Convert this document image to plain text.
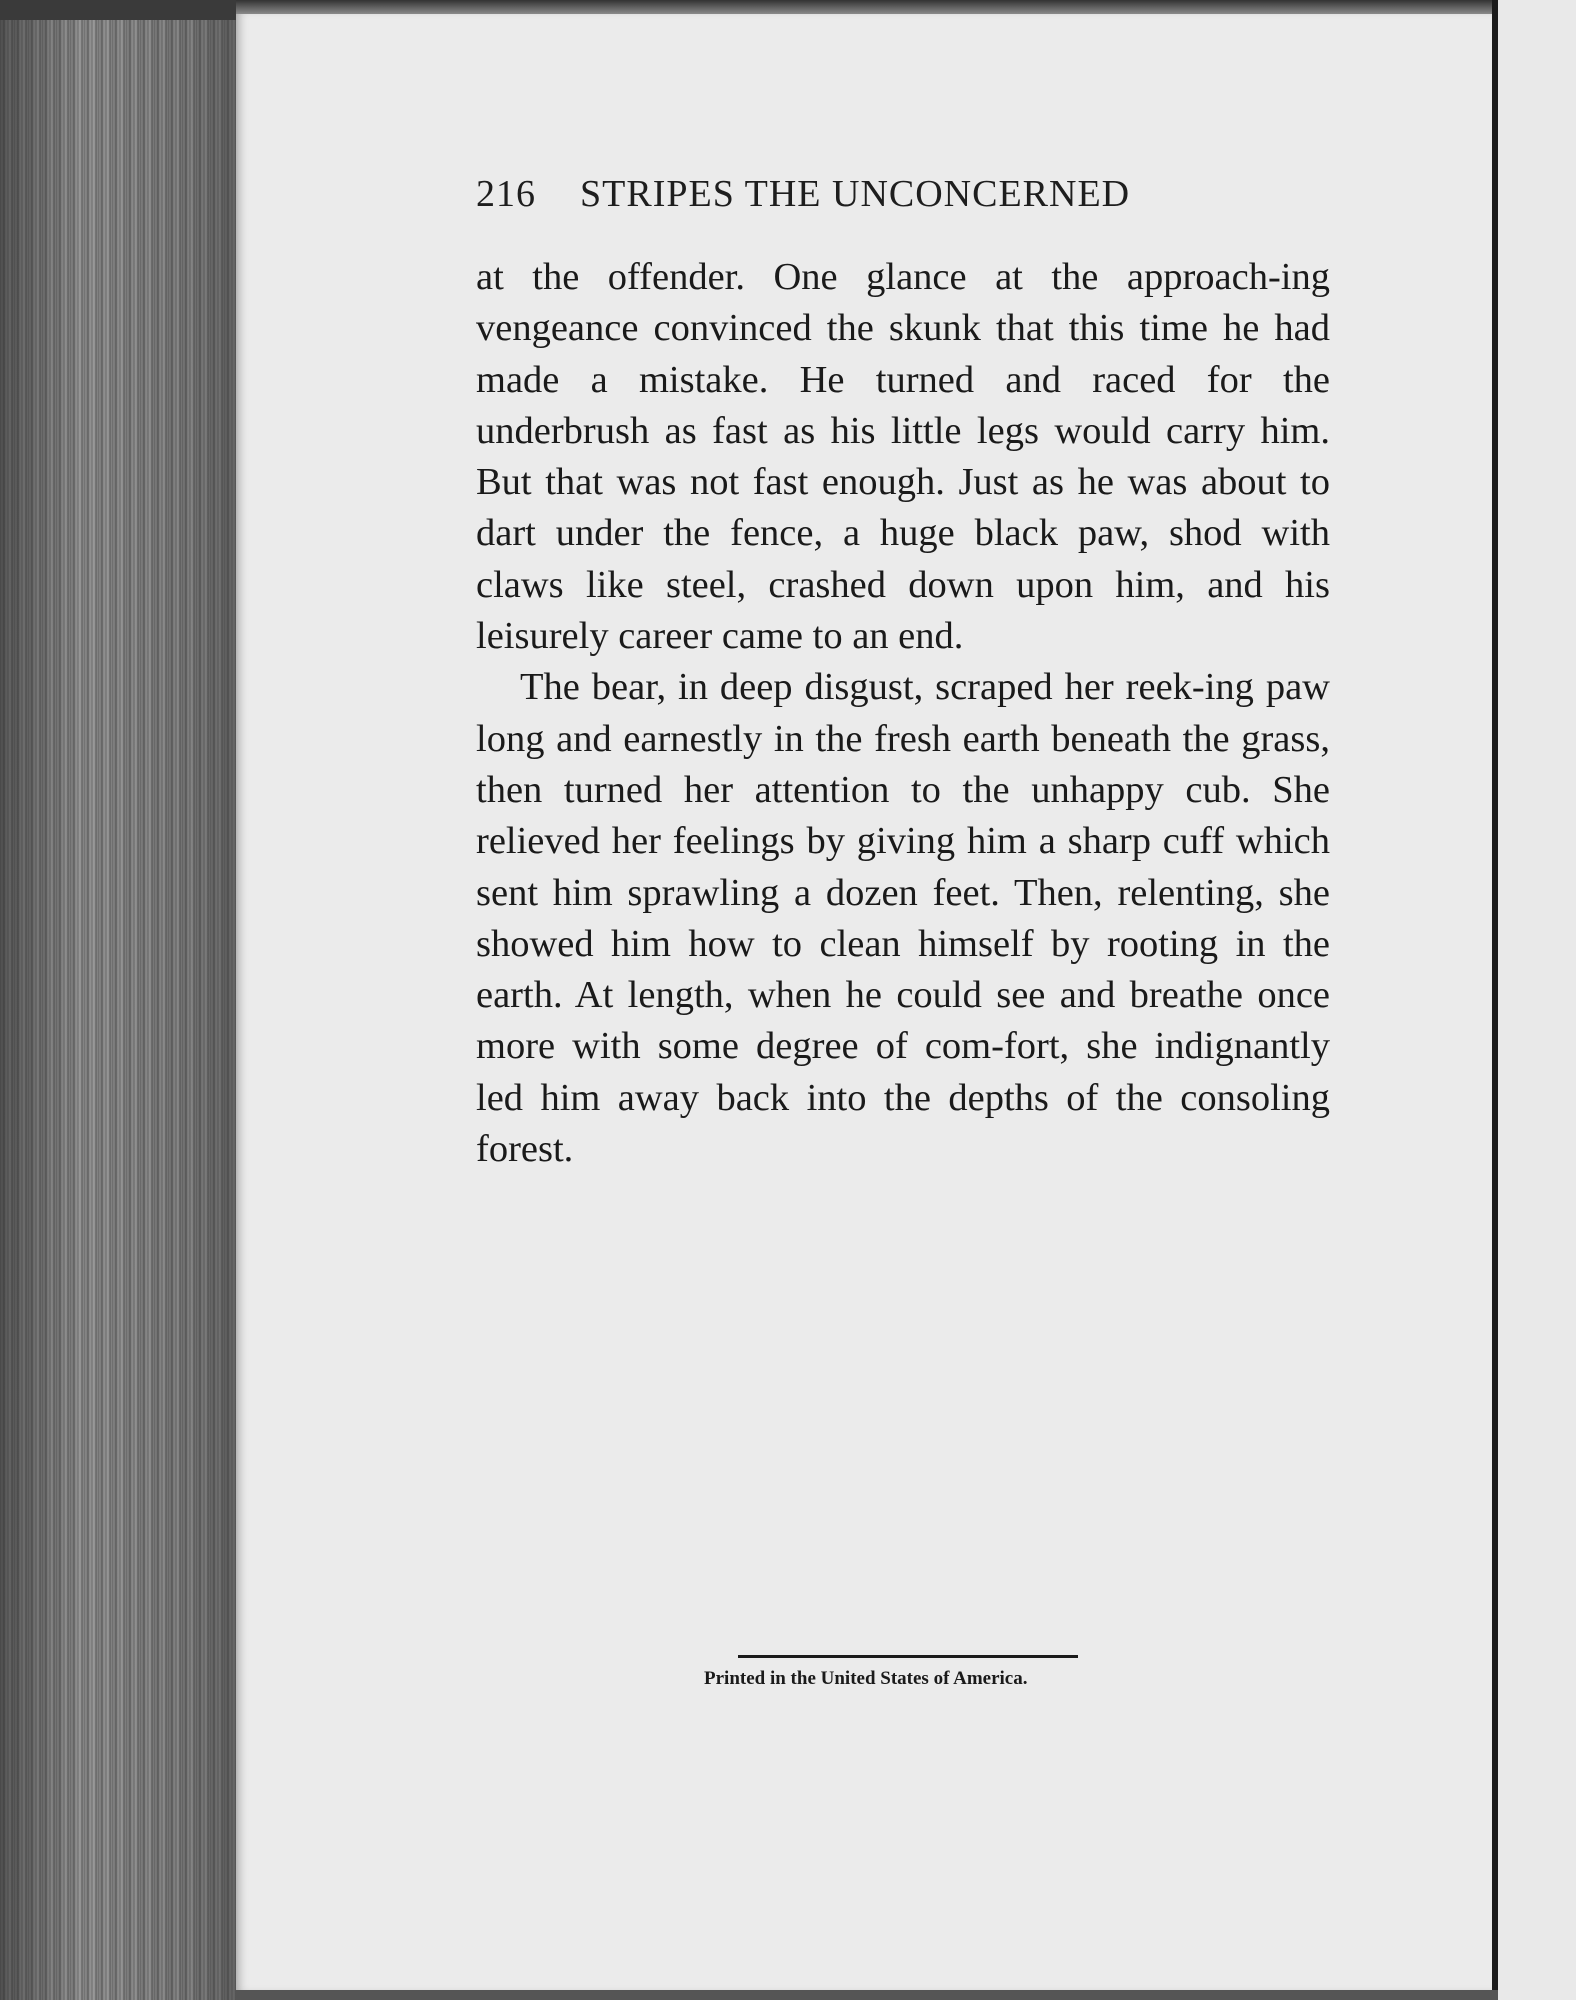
216 STRIPES THE UNCONCERNED

at the offender. One glance at the approach-ing vengeance convinced the skunk that this time he had made a mistake. He turned and raced for the underbrush as fast as his little legs would carry him. But that was not fast enough. Just as he was about to dart under the fence, a huge black paw, shod with claws like steel, crashed down upon him, and his leisurely career came to an end.

The bear, in deep disgust, scraped her reek-ing paw long and earnestly in the fresh earth beneath the grass, then turned her attention to the unhappy cub. She relieved her feelings by giving him a sharp cuff which sent him sprawling a dozen feet. Then, relenting, she showed him how to clean himself by rooting in the earth. At length, when he could see and breathe once more with some degree of com-fort, she indignantly led him away back into the depths of the consoling forest.

Printed in the United States of America.
